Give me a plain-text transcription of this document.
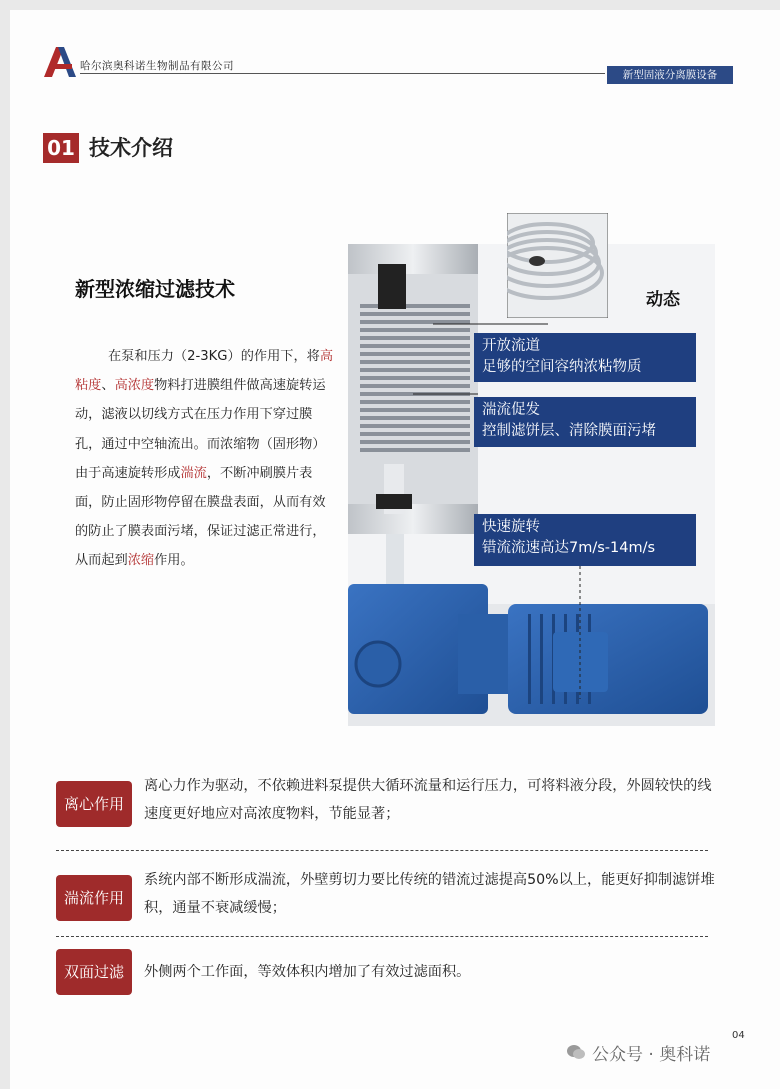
哈尔滨奥科诺生物制品有限公司
新型固液分离膜设备
01 技术介绍
新型浓缩过滤技术
在泵和压力（2-3KG）的作用下，将高粘度、高浓度物料打进膜组件做高速旋转运动，滤液以切线方式在压力作用下穿过膜孔，通过中空轴流出。而浓缩物（固形物）由于高速旋转形成湍流，不断冲刷膜片表面，防止固形物停留在膜盘表面，从而有效的防止了膜表面污堵，保证过滤正常进行，从而起到浓缩作用。
动态
开放流道
足够的空间容纳浓粘物质
湍流促发
控制滤饼层、清除膜面污堵
快速旋转
错流流速高达7m/s-14m/s
离心作用
离心力作为驱动，不依赖进料泵提供大循环流量和运行压力，可将料液分段，外圆较快的线速度更好地应对高浓度物料，节能显著；
湍流作用
系统内部不断形成湍流，外壁剪切力要比传统的错流过滤提高50%以上，能更好抑制滤饼堆积，通量不衰减缓慢；
双面过滤	外侧两个工作面，等效体积内增加了有效过滤面积。
04
公众号 · 奥科诺
